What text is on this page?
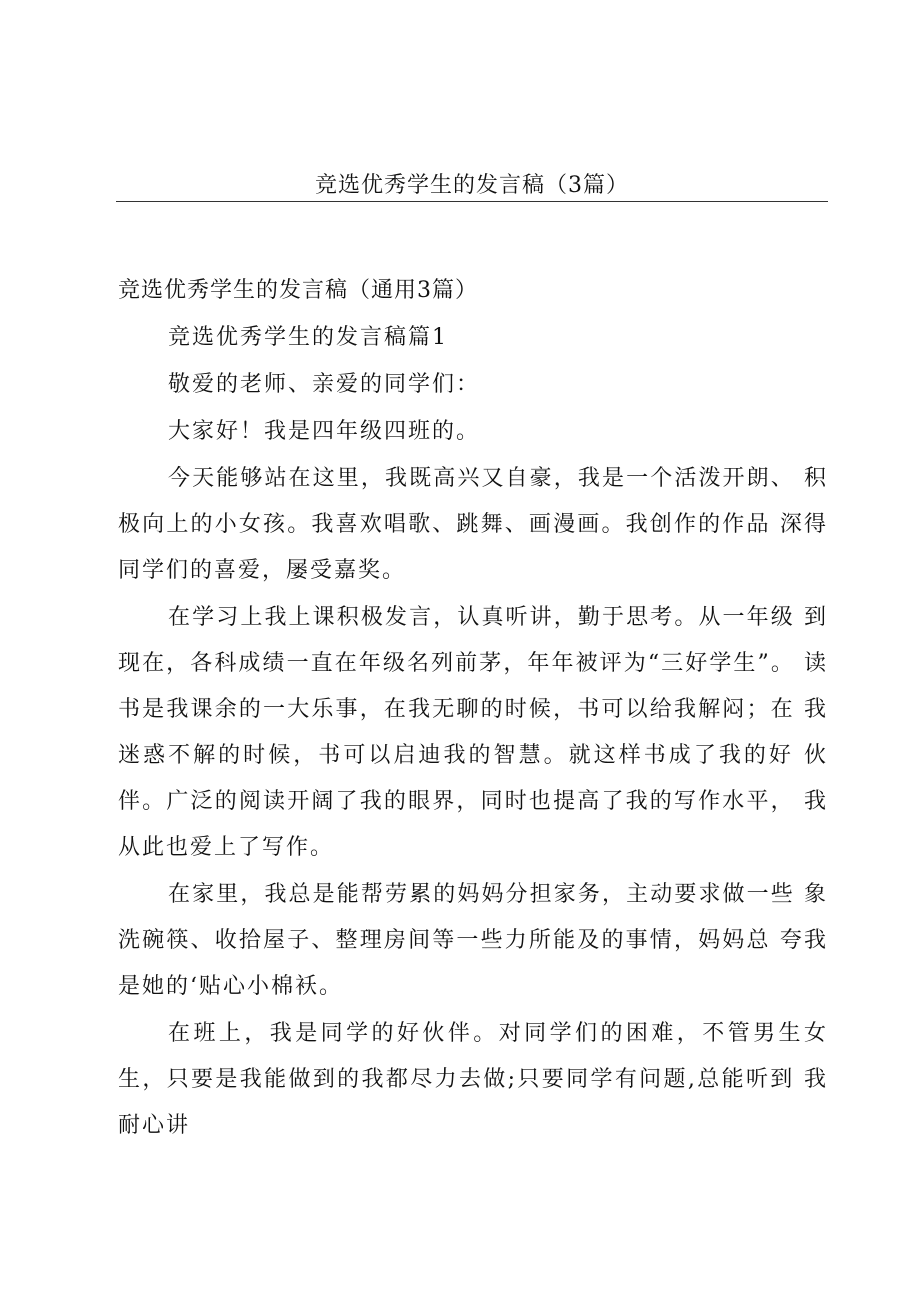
竞选优秀学生的发言稿（3篇）

竞选优秀学生的发言稿（通用3篇）

竞选优秀学生的发言稿篇1

敬爱的老师、亲爱的同学们：

大家好！我是四年级四班的。

今天能够站在这里，我既高兴又自豪，我是一个活泼开朗、 积极向上的小女孩。我喜欢唱歌、跳舞、画漫画。我创作的作品 深得同学们的喜爱，屡受嘉奖。

在学习上我上课积极发言，认真听讲，勤于思考。从一年级 到现在，各科成绩一直在年级名列前茅，年年被评为“三好学生”。 读书是我课余的一大乐事，在我无聊的时候，书可以给我解闷；在 我迷惑不解的时候，书可以启迪我的智慧。就这样书成了我的好 伙伴。广泛的阅读开阔了我的眼界，同时也提高了我的写作水平， 我从此也爱上了写作。

在家里，我总是能帮劳累的妈妈分担家务，主动要求做一些 象洗碗筷、收拾屋子、整理房间等一些力所能及的事情，妈妈总 夸我是她的‘贴心小棉袄。

在班上，我是同学的好伙伴。对同学们的困难，不管男生女 生，只要是我能做到的我都尽力去做;只要同学有问题,总能听到 我耐心讲
